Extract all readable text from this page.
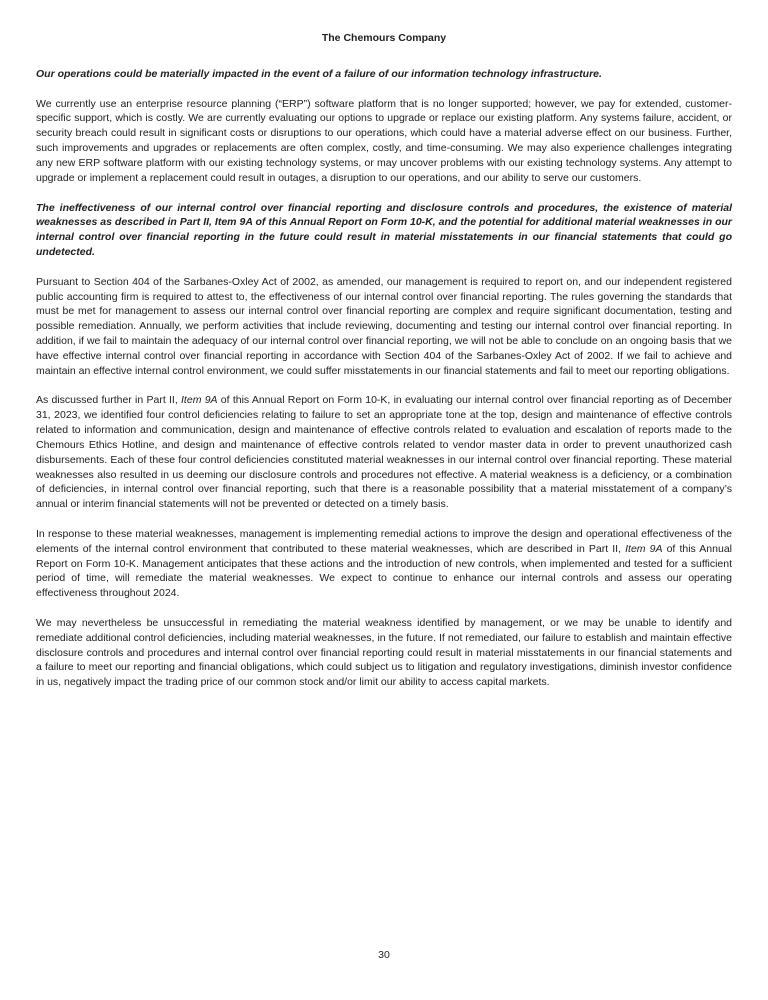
The Chemours Company

Our operations could be materially impacted in the event of a failure of our information technology infrastructure.

We currently use an enterprise resource planning (“ERP”) software platform that is no longer supported; however, we pay for extended, customer-specific support, which is costly. We are currently evaluating our options to upgrade or replace our existing platform. Any systems failure, accident, or security breach could result in significant costs or disruptions to our operations, which could have a material adverse effect on our business. Further, such improvements and upgrades or replacements are often complex, costly, and time-consuming. We may also experience challenges integrating any new ERP software platform with our existing technology systems, or may uncover problems with our existing technology systems. Any attempt to upgrade or implement a replacement could result in outages, a disruption to our operations, and our ability to serve our customers.

The ineffectiveness of our internal control over financial reporting and disclosure controls and procedures, the existence of material weaknesses as described in Part II, Item 9A of this Annual Report on Form 10-K, and the potential for additional material weaknesses in our internal control over financial reporting in the future could result in material misstatements in our financial statements that could go undetected.

Pursuant to Section 404 of the Sarbanes-Oxley Act of 2002, as amended, our management is required to report on, and our independent registered public accounting firm is required to attest to, the effectiveness of our internal control over financial reporting. The rules governing the standards that must be met for management to assess our internal control over financial reporting are complex and require significant documentation, testing and possible remediation. Annually, we perform activities that include reviewing, documenting and testing our internal control over financial reporting. In addition, if we fail to maintain the adequacy of our internal control over financial reporting, we will not be able to conclude on an ongoing basis that we have effective internal control over financial reporting in accordance with Section 404 of the Sarbanes-Oxley Act of 2002. If we fail to achieve and maintain an effective internal control environment, we could suffer misstatements in our financial statements and fail to meet our reporting obligations.

As discussed further in Part II, Item 9A of this Annual Report on Form 10-K, in evaluating our internal control over financial reporting as of December 31, 2023, we identified four control deficiencies relating to failure to set an appropriate tone at the top, design and maintenance of effective controls related to information and communication, design and maintenance of effective controls related to evaluation and escalation of reports made to the Chemours Ethics Hotline, and design and maintenance of effective controls related to vendor master data in order to prevent unauthorized cash disbursements. Each of these four control deficiencies constituted material weaknesses in our internal control over financial reporting. These material weaknesses also resulted in us deeming our disclosure controls and procedures not effective. A material weakness is a deficiency, or a combination of deficiencies, in internal control over financial reporting, such that there is a reasonable possibility that a material misstatement of a company’s annual or interim financial statements will not be prevented or detected on a timely basis.

In response to these material weaknesses, management is implementing remedial actions to improve the design and operational effectiveness of the elements of the internal control environment that contributed to these material weaknesses, which are described in Part II, Item 9A of this Annual Report on Form 10-K. Management anticipates that these actions and the introduction of new controls, when implemented and tested for a sufficient period of time, will remediate the material weaknesses. We expect to continue to enhance our internal controls and assess our operating effectiveness throughout 2024.

We may nevertheless be unsuccessful in remediating the material weakness identified by management, or we may be unable to identify and remediate additional control deficiencies, including material weaknesses, in the future. If not remediated, our failure to establish and maintain effective disclosure controls and procedures and internal control over financial reporting could result in material misstatements in our financial statements and a failure to meet our reporting and financial obligations, which could subject us to litigation and regulatory investigations, diminish investor confidence in us, negatively impact the trading price of our common stock and/or limit our ability to access capital markets.

30
